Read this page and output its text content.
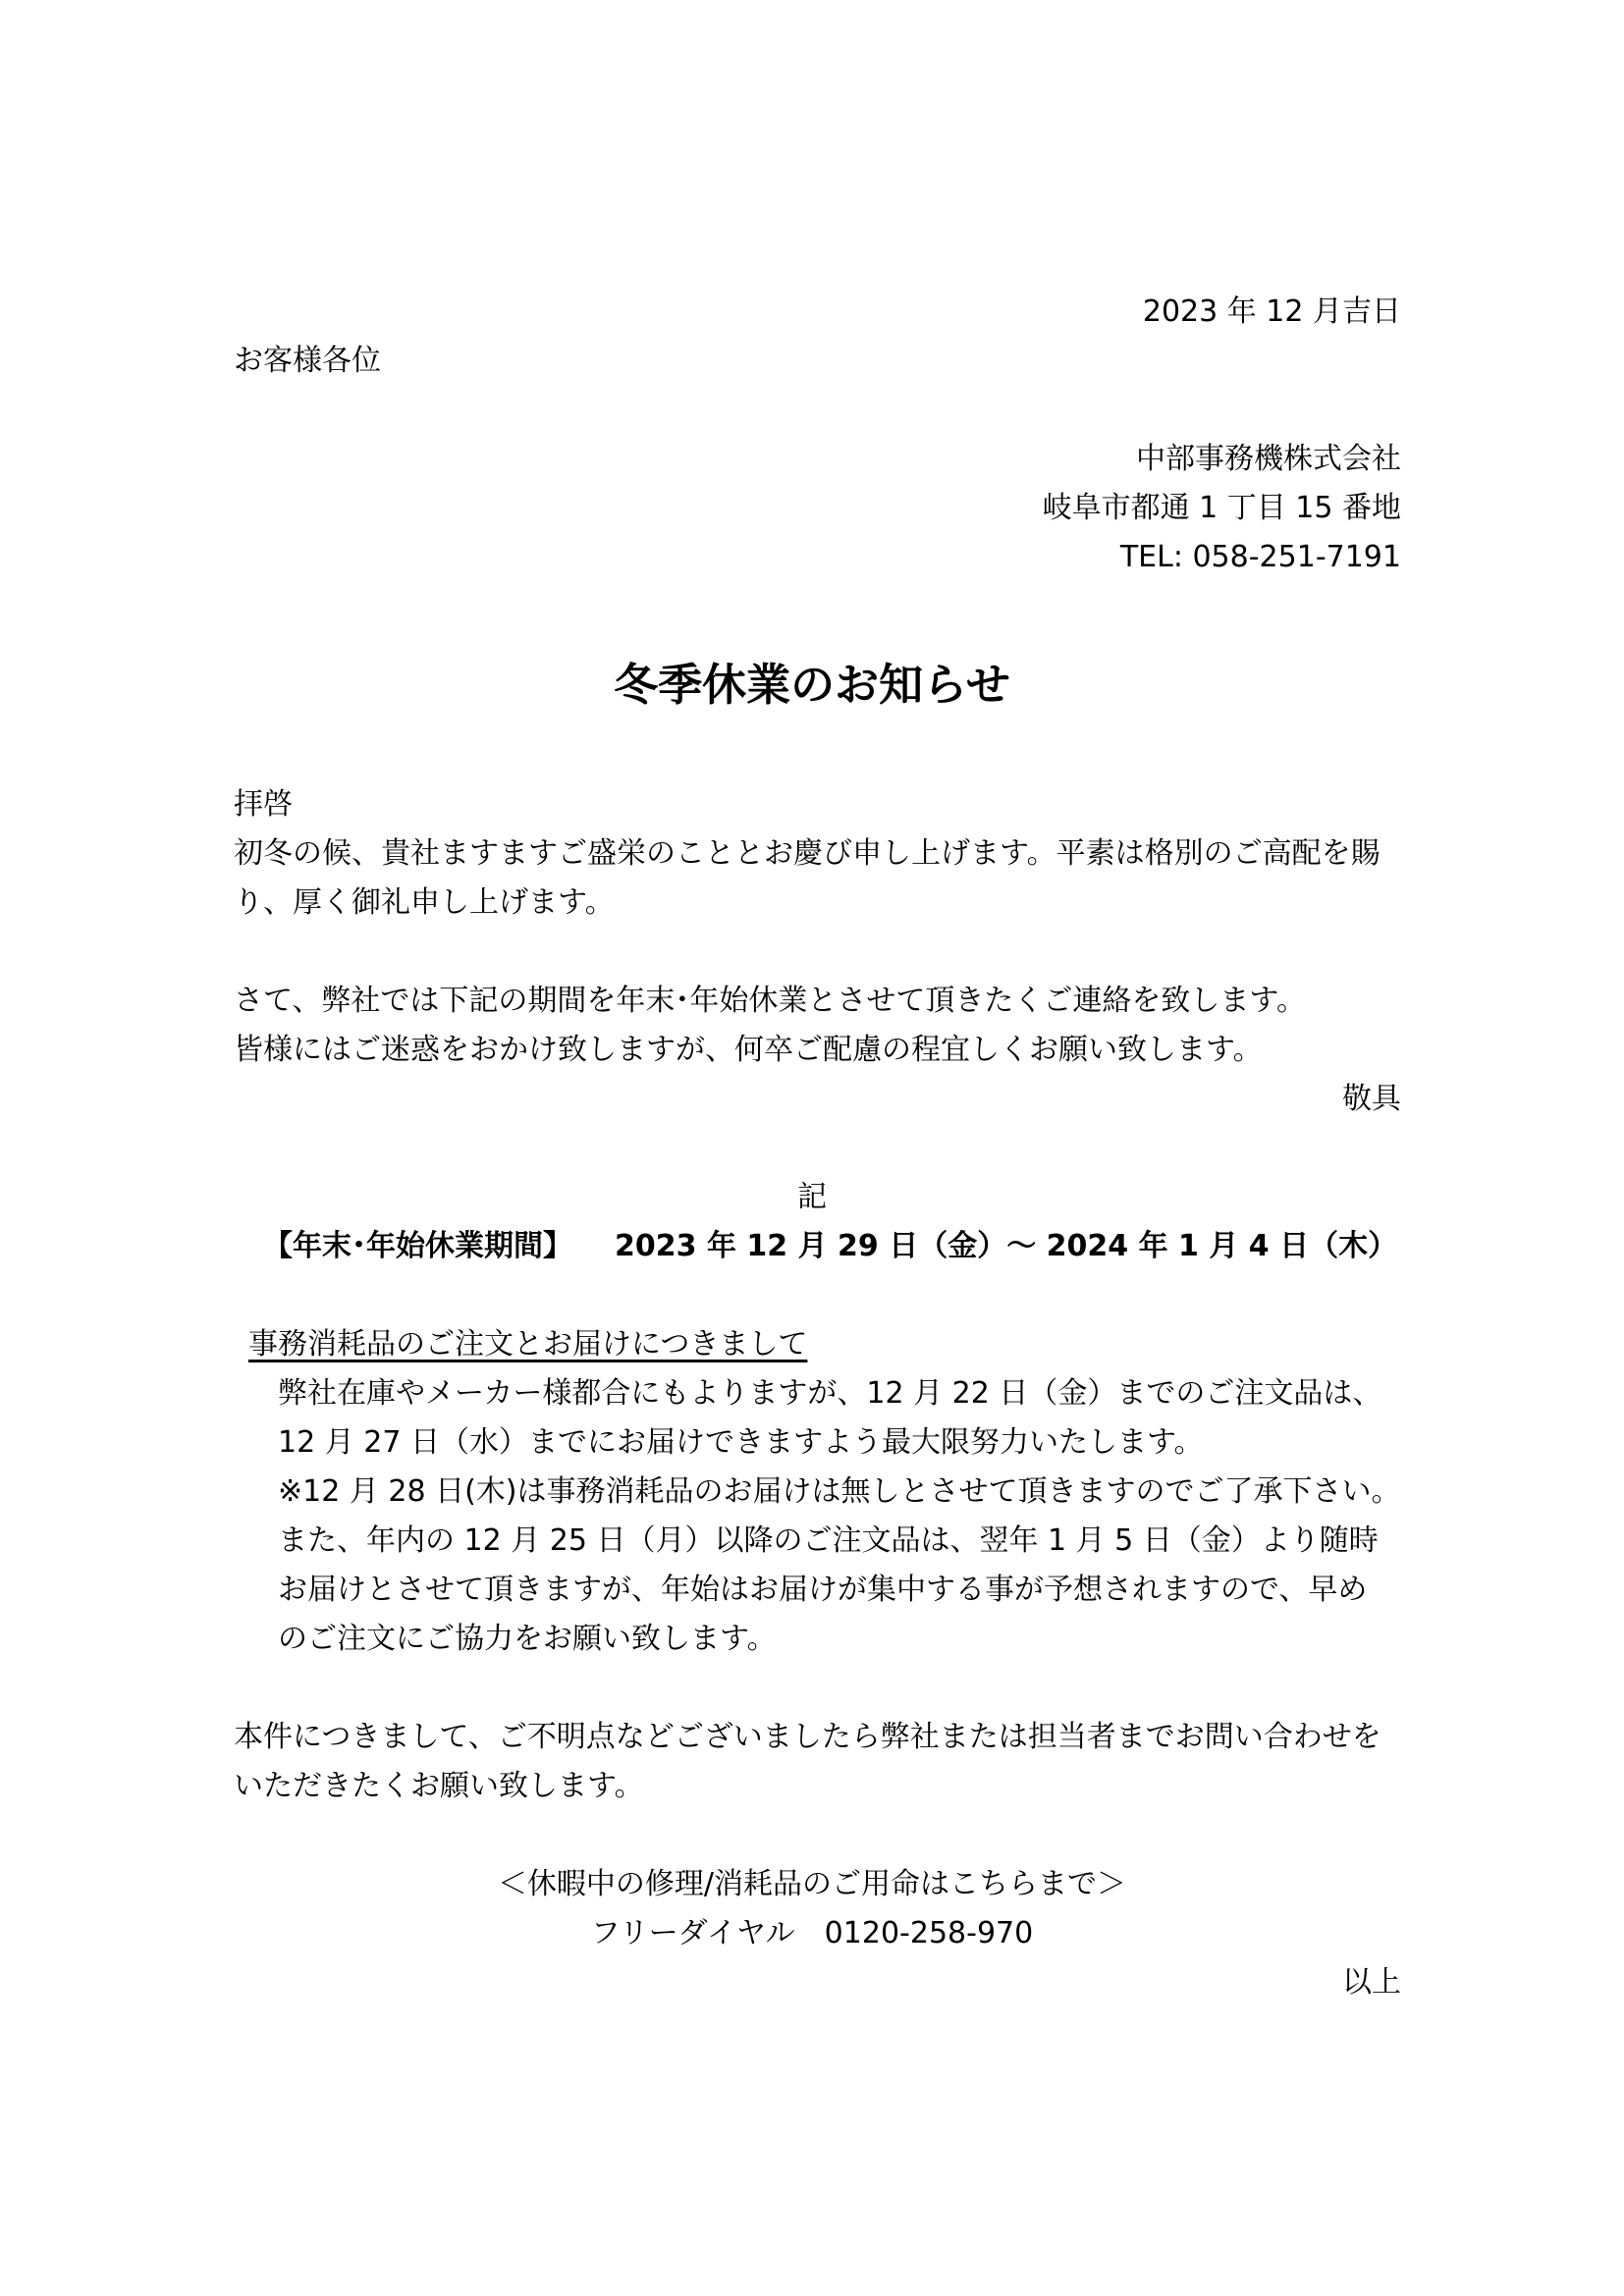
2023 年 12 月吉日
お客様各位
中部事務機株式会社
岐阜市都通 1 丁目 15 番地
TEL: 058-251-7191
冬季休業のお知らせ
拝啓
初冬の候、貴社ますますご盛栄のこととお慶び申し上げます。平素は格別のご高配を賜
り、厚く御礼申し上げます。
さて、弊社では下記の期間を年末･年始休業とさせて頂きたくご連絡を致します。
皆様にはご迷惑をおかけ致しますが、何卒ご配慮の程宜しくお願い致します。
敬具
記
【年末･年始休業期間】 2023 年 12 月 29 日（金）～ 2024 年 1 月 4 日（木）
事務消耗品のご注文とお届けにつきまして
弊社在庫やメーカー様都合にもよりますが、12 月 22 日（金）までのご注文品は、
12 月 27 日（水）までにお届けできますよう最大限努力いたします。
※12 月 28 日(木)は事務消耗品のお届けは無しとさせて頂きますのでご了承下さい。
また、年内の 12 月 25 日（月）以降のご注文品は、翌年 1 月 5 日（金）より随時
お届けとさせて頂きますが、年始はお届けが集中する事が予想されますので、早め
のご注文にご協力をお願い致します。
本件につきまして、ご不明点などございましたら弊社または担当者までお問い合わせを
いただきたくお願い致します。
＜休暇中の修理/消耗品のご用命はこちらまで＞
フリーダイヤル　0120-258-970
以上
